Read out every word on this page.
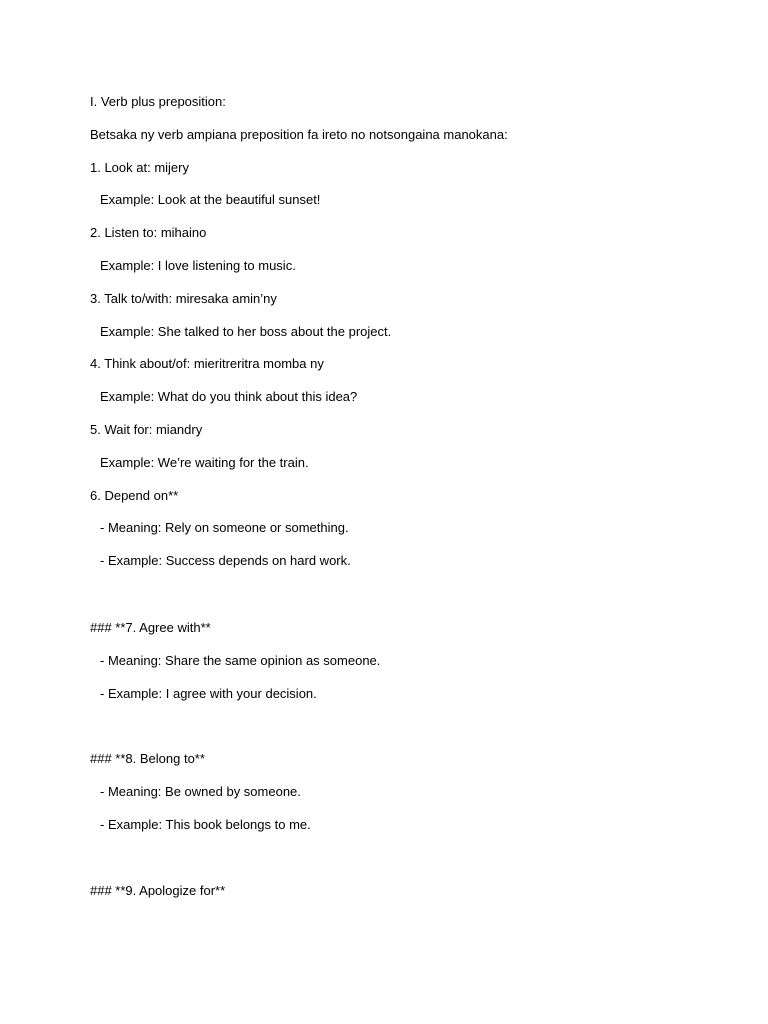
I. Verb plus preposition:
Betsaka ny verb ampiana preposition fa ireto no notsongaina manokana:
1. Look at: mijery
Example: Look at the beautiful sunset!
2. Listen to: mihaino
Example: I love listening to music.
3. Talk to/with: miresaka amin’ny
Example: She talked to her boss about the project.
4. Think about/of: mieritreritra momba ny
Example: What do you think about this idea?
5. Wait for: miandry
Example: We’re waiting for the train.
6. Depend on**
- Meaning: Rely on someone or something.
- Example: Success depends on hard work.
### **7. Agree with**
- Meaning: Share the same opinion as someone.
- Example: I agree with your decision.
### **8. Belong to**
- Meaning: Be owned by someone.
- Example: This book belongs to me.
### **9. Apologize for**
